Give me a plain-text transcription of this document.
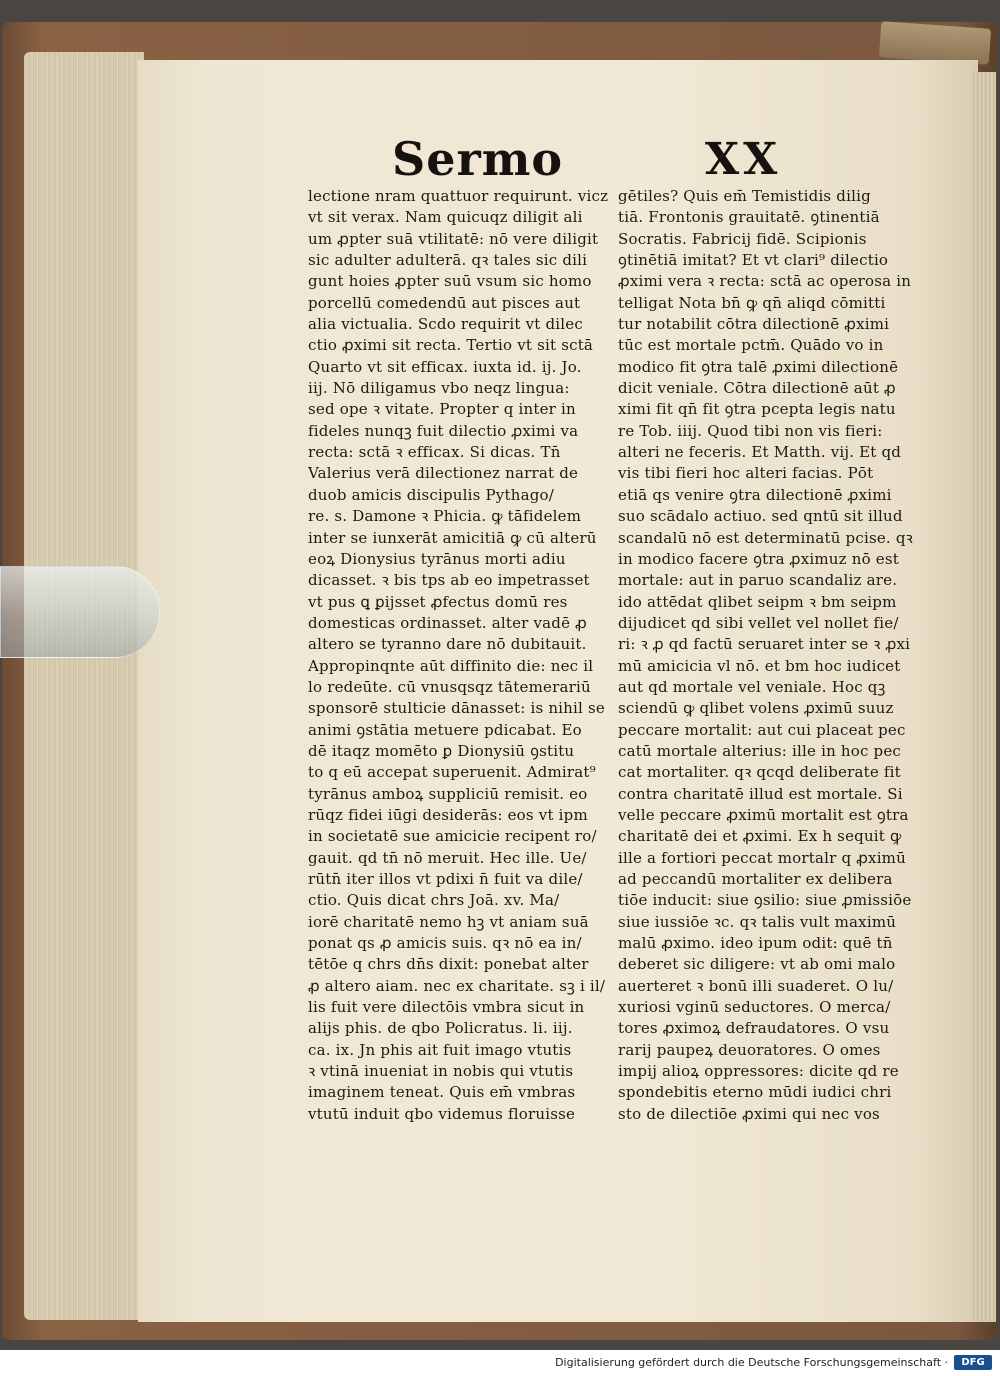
Sermo	XX
lectione nram quattuor requirunt. vicz
vt sit verax. Nam quicuqz diligit ali
um ꝓpter suā vtilitatē: nō vere diligit
sic adulter adulterā. qꝛ tales sic dili
gunt hoies ꝓpter suū vsum sic homo
porcellū comedendū aut pisces aut
alia victualia. Scdo requirit vt dilec
ctio ꝓximi sit recta. Tertio vt sit sctā
Quarto vt sit efficax. iuxta id. ij. Jo.
iij. Nō diligamus vbo neqz lingua:
sed ope ꝛ vitate. Propter q inter in
fideles nunqꝫ fuit dilectio ꝓximi va
recta: sctā ꝛ efficax. Si dicas. Tn̄
Valerius verā dilectionez narrat de
duob amicis discipulis Pythago/
re. s. Damone ꝛ Phicia. ꝙ tāfidelem
inter se iunxerāt amicitiā ꝙ cū alterū
eoꝝ Dionysius tyrānus morti adiu
dicasset. ꝛ bis tps ab eo impetrasset
vt pus ꝗ ꝑijsset ꝓfectus domū res
domesticas ordinasset. alter vadē ꝓ
altero se tyranno dare nō dubitauit.
Appropinqnte aūt diffinito die: nec il
lo redeūte. cū vnusqsqz tātemerariū
sponsorē stulticie dānasset: is nihil se
animi ꝯstātia metuere pdicabat. Eo
dē itaqz momēto ꝑ Dionysiū ꝯstitu
to q eū accepat superuenit. Admirat⁹
tyrānus amboꝝ suppliciū remisit. eo
rūqz fidei iūgi desiderās: eos vt ipm
in societatē sue amicicie recipent ro/
gauit. qd tn̄ nō meruit. Hec ille. Ue/
rūtn̄ iter illos vt pdixi n̄ fuit va dile/
ctio. Quis dicat chrs Joā. xv. Ma/
iorē charitatē nemo hꝫ vt aniam suā
ponat qs ꝓ amicis suis. qꝛ nō ea in/
tētōe q chrs dn̄s dixit: ponebat alter
ꝓ altero aiam. nec ex charitate. sꝫ i il/
lis fuit vere dilectōis vmbra sicut in
alijs phis. de qbo Policratus. li. iij.
ca. ix. Jn phis ait fuit imago vtutis
ꝛ vtinā inueniat in nobis qui vtutis
imaginem teneat. Quis em̄ vmbras
vtutū induit qbo videmus floruisse
gētiles? Quis em̄ Temistidis dilig
tiā. Frontonis grauitatē. ꝯtinentiā
Socratis. Fabricij fidē. Scipionis
ꝯtinētiā imitat? Et vt clari⁹ dilectio
ꝓximi vera ꝛ recta: sctā ac operosa in
telligat Nota bn̄ ꝙ qn̄ aliqd cōmitti
tur notabilit cōtra dilectionē ꝓximi
tūc est mortale pctm̄. Quādo vo in
modico fit ꝯtra talē ꝓximi dilectionē
dicit veniale. Cōtra dilectionē aūt ꝓ
ximi fit qn̄ fit ꝯtra pcepta legis natu
re Tob. iiij. Quod tibi non vis fieri:
alteri ne feceris. Et Matth. vij. Et qd
vis tibi fieri hoc alteri facias. Pōt
etiā qs venire ꝯtra dilectionē ꝓximi
suo scādalo actiuo. sed qntū sit illud
scandalū nō est determinatū pcise. qꝛ
in modico facere ꝯtra ꝓximuz nō est
mortale: aut in paruo scandaliz are.
ido attēdat qlibet seipm ꝛ bm seipm
dijudicet qd sibi vellet vel nollet fie/
ri: ꝛ ꝓ qd factū seruaret inter se ꝛ ꝓxi
mū amicicia vl nō. et bm hoc iudicet
aut qd mortale vel veniale. Hoc qꝫ
sciendū ꝙ qlibet volens ꝓximū suuz
peccare mortalit: aut cui placeat pec
catū mortale alterius: ille in hoc pec
cat mortaliter. qꝛ qcqd deliberate fit
contra charitatē illud est mortale. Si
velle peccare ꝓximū mortalit est ꝯtra
charitatē dei et ꝓximi. Ex h sequit ꝙ
ille a fortiori peccat mortalr q ꝓximū
ad peccandū mortaliter ex delibera
tiōe inducit: siue ꝯsilio: siue ꝓmissiōe
siue iussiōe ꝛc. qꝛ talis vult maximū
malū ꝓximo. ideo ipum odit: quē tn̄
deberet sic diligere: vt ab omi malo
auerteret ꝛ bonū illi suaderet. O lu/
xuriosi vginū seductores. O merca/
tores ꝓximoꝝ defraudatores. O vsu
rarij paupeꝝ deuoratores. O omes
impij alioꝝ oppressores: dicite qd re
spondebitis eterno mūdi iudici chri
sto de dilectiōe ꝓximi qui nec vos
Digitalisierung gefördert durch die Deutsche Forschungsgemeinschaft ·	DFG
